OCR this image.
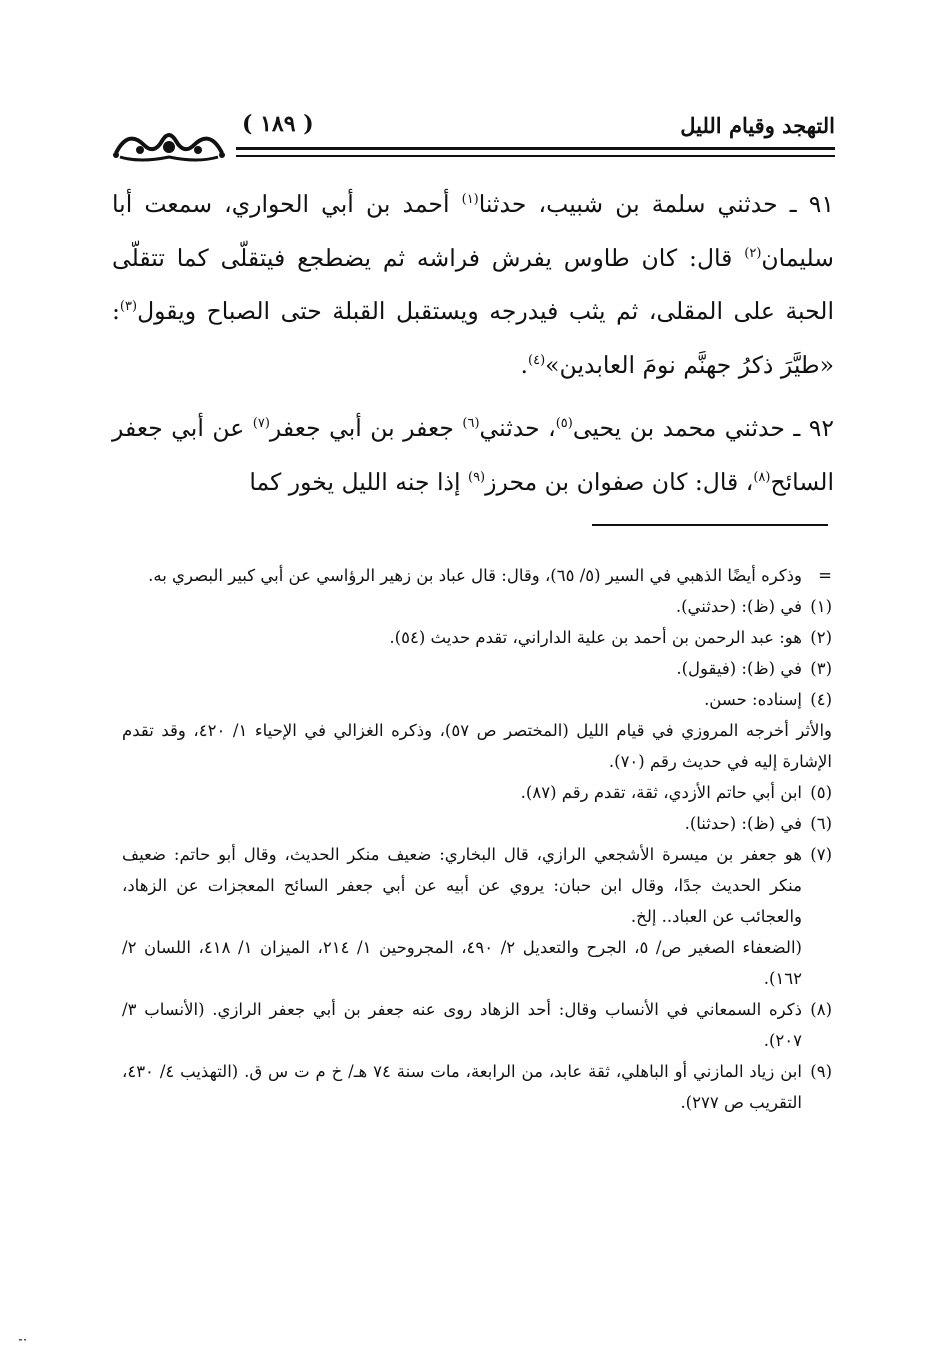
( ١٨٩ )	التهجد وقيام الليل

٩١ ـ حدثني سلمة بن شبيب، حدثنا$^{(١)}$ أحمد بن أبي الحواري، سمعت أبا سليمان$^{(٢)}$ قال: كان طاوس يفرش فراشه ثم يضطجع فيتقلّى كما تتقلّى الحبة على المقلى، ثم يثب فيدرجه ويستقبل القبلة حتى الصباح ويقول$^{(٣)}$: «طيَّرَ ذكرُ جهنَّم نومَ العابدين»$^{(٤)}$.

٩٢ ـ حدثني محمد بن يحيى$^{(٥)}$، حدثني$^{(٦)}$ جعفر بن أبي جعفر$^{(٧)}$ عن أبي جعفر السائح$^{(٨)}$، قال: كان صفوان بن محرز$^{(٩)}$ إذا جنه الليل يخور كما

=
وذكره أيضًا الذهبي في السير (٥/ ٦٥)، وقال: قال عباد بن زهير الرؤاسي عن أبي كبير البصري به.
(١)
في (ظ): (حدثني).
(٢)
هو: عبد الرحمن بن أحمد بن علية الداراني، تقدم حديث (٥٤).
(٣)
في (ظ): (فيقول).
(٤)
إسناده: حسن.
والأثر أخرجه المروزي في قيام الليل (المختصر ص ٥٧)، وذكره الغزالي في الإحياء ١/ ٤٢٠، وقد تقدم الإشارة إليه في حديث رقم (٧٠).
(٥)
ابن أبي حاتم الأزدي، ثقة، تقدم رقم (٨٧).
(٦)
في (ظ): (حدثنا).
(٧)
هو جعفر بن ميسرة الأشجعي الرازي، قال البخاري: ضعيف منكر الحديث، وقال أبو حاتم: ضعيف منكر الحديث جدًا، وقال ابن حبان: يروي عن أبيه عن أبي جعفر السائح المعجزات عن الزهاد، والعجائب عن العباد.. إلخ.
(الضعفاء الصغير ص/ ٥، الجرح والتعديل ٢/ ٤٩٠، المجروحين ١/ ٢١٤، الميزان ١/ ٤١٨، اللسان ٢/ ١٦٢).
(٨)
ذكره السمعاني في الأنساب وقال: أحد الزهاد روى عنه جعفر بن أبي جعفر الرازي. (الأنساب ٣/ ٢٠٧).
(٩)
ابن زياد المازني أو الباهلي، ثقة عابد، من الرابعة، مات سنة ٧٤ هـ/ خ م ت س ق. (التهذيب ٤/ ٤٣٠، التقريب ص ٢٧٧).
